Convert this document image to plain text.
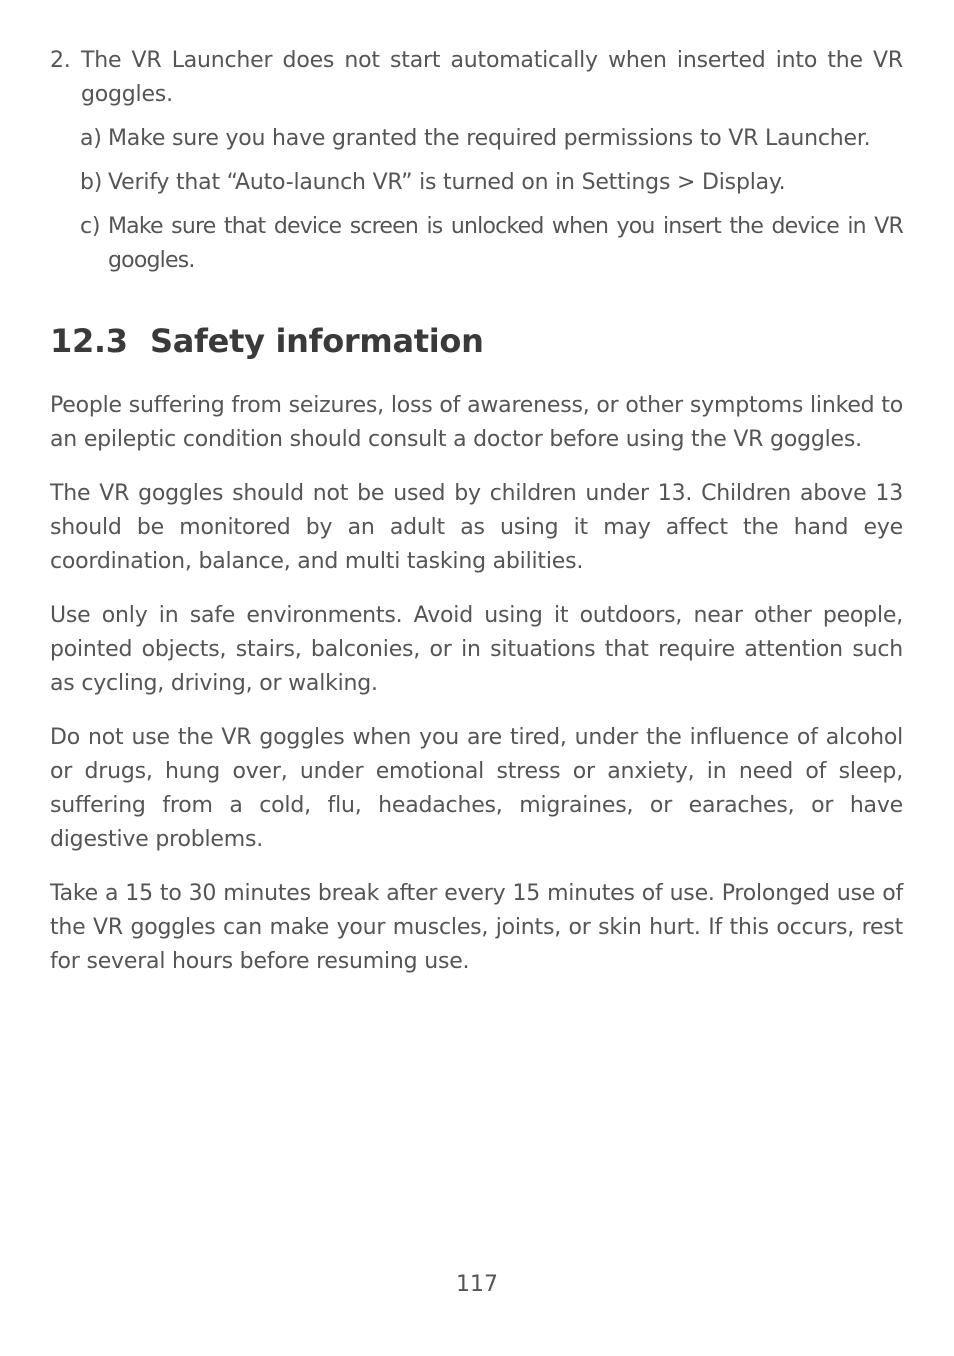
2. The VR Launcher does not start automatically when inserted into the VR goggles.
a) Make sure you have granted the required permissions to VR Launcher.
b) Verify that “Auto-launch VR” is turned on in Settings > Display.
c) Make sure that device screen is unlocked when you insert the device in VR googles.
12.3 Safety information

People suffering from seizures, loss of awareness, or other symptoms linked to an epileptic condition should consult a doctor before using the VR goggles.

The VR goggles should not be used by children under 13. Children above 13 should be monitored by an adult as using it may affect the hand eye coordination, balance, and multi tasking abilities.

Use only in safe environments. Avoid using it outdoors, near other people, pointed objects, stairs, balconies, or in situations that require attention such as cycling, driving, or walking.

Do not use the VR goggles when you are tired, under the influence of alcohol or drugs, hung over, under emotional stress or anxiety, in need of sleep, suffering from a cold, flu, headaches, migraines, or earaches, or have digestive problems.

Take a 15 to 30 minutes break after every 15 minutes of use. Prolonged use of the VR goggles can make your muscles, joints, or skin hurt. If this occurs, rest for several hours before resuming use.

117
